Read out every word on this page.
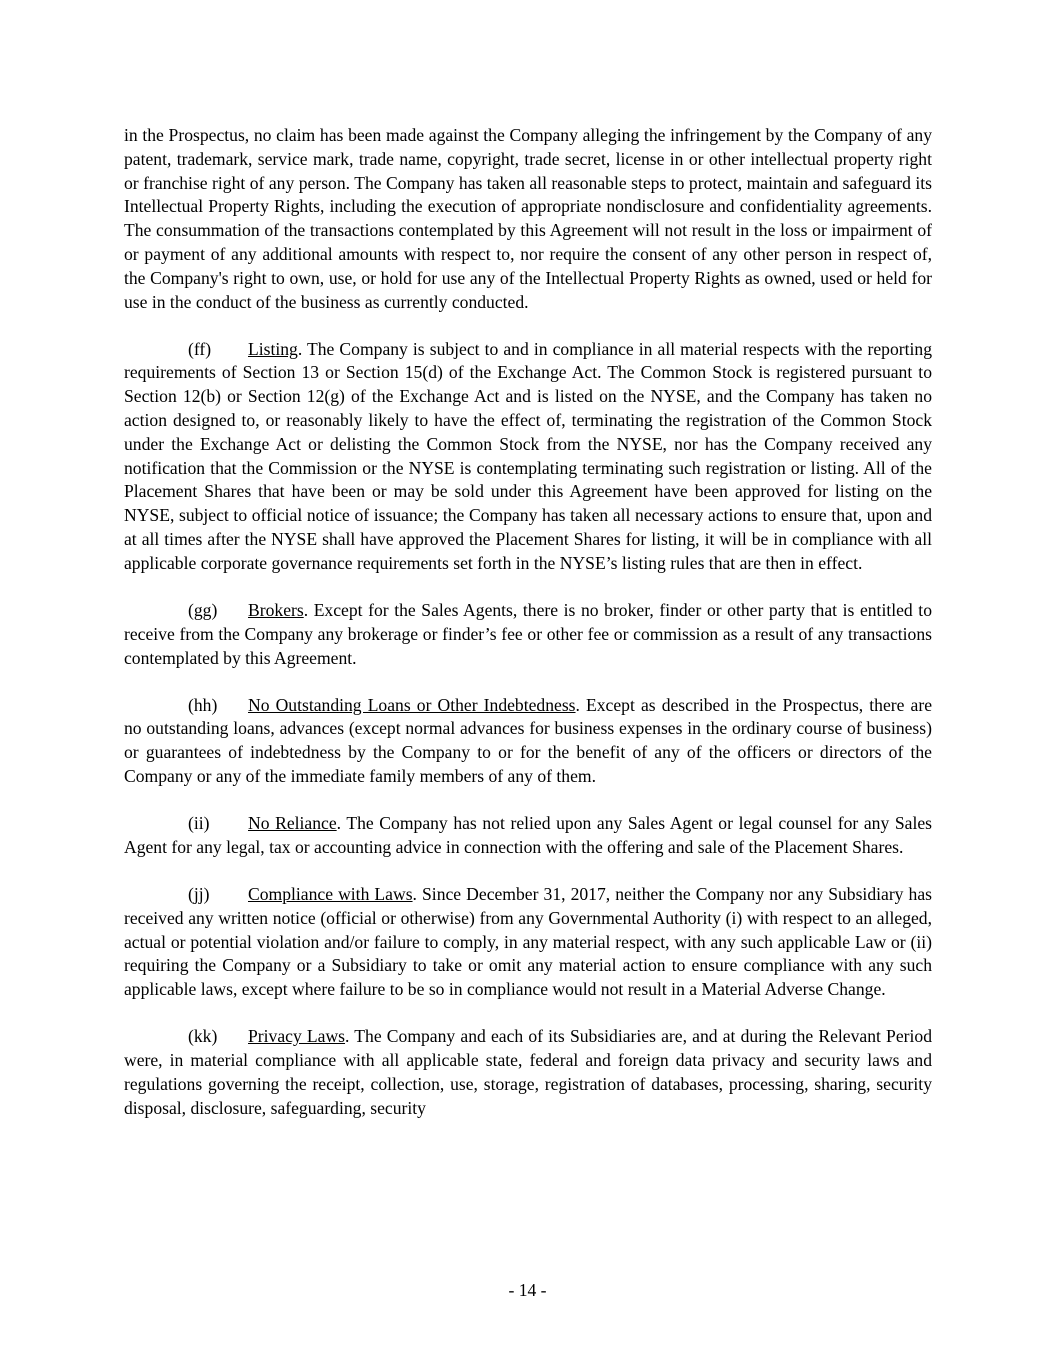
in the Prospectus, no claim has been made against the Company alleging the infringement by the Company of any patent, trademark, service mark, trade name, copyright, trade secret, license in or other intellectual property right or franchise right of any person. The Company has taken all reasonable steps to protect, maintain and safeguard its Intellectual Property Rights, including the execution of appropriate nondisclosure and confidentiality agreements. The consummation of the transactions contemplated by this Agreement will not result in the loss or impairment of or payment of any additional amounts with respect to, nor require the consent of any other person in respect of, the Company's right to own, use, or hold for use any of the Intellectual Property Rights as owned, used or held for use in the conduct of the business as currently conducted.

(ff) Listing. The Company is subject to and in compliance in all material respects with the reporting requirements of Section 13 or Section 15(d) of the Exchange Act. The Common Stock is registered pursuant to Section 12(b) or Section 12(g) of the Exchange Act and is listed on the NYSE, and the Company has taken no action designed to, or reasonably likely to have the effect of, terminating the registration of the Common Stock under the Exchange Act or delisting the Common Stock from the NYSE, nor has the Company received any notification that the Commission or the NYSE is contemplating terminating such registration or listing. All of the Placement Shares that have been or may be sold under this Agreement have been approved for listing on the NYSE, subject to official notice of issuance; the Company has taken all necessary actions to ensure that, upon and at all times after the NYSE shall have approved the Placement Shares for listing, it will be in compliance with all applicable corporate governance requirements set forth in the NYSE’s listing rules that are then in effect.

(gg) Brokers. Except for the Sales Agents, there is no broker, finder or other party that is entitled to receive from the Company any brokerage or finder’s fee or other fee or commission as a result of any transactions contemplated by this Agreement.

(hh) No Outstanding Loans or Other Indebtedness. Except as described in the Prospectus, there are no outstanding loans, advances (except normal advances for business expenses in the ordinary course of business) or guarantees of indebtedness by the Company to or for the benefit of any of the officers or directors of the Company or any of the immediate family members of any of them.

(ii) No Reliance. The Company has not relied upon any Sales Agent or legal counsel for any Sales Agent for any legal, tax or accounting advice in connection with the offering and sale of the Placement Shares.

(jj) Compliance with Laws. Since December 31, 2017, neither the Company nor any Subsidiary has received any written notice (official or otherwise) from any Governmental Authority (i) with respect to an alleged, actual or potential violation and/or failure to comply, in any material respect, with any such applicable Law or (ii) requiring the Company or a Subsidiary to take or omit any material action to ensure compliance with any such applicable laws, except where failure to be so in compliance would not result in a Material Adverse Change.

(kk) Privacy Laws. The Company and each of its Subsidiaries are, and at during the Relevant Period were, in material compliance with all applicable state, federal and foreign data privacy and security laws and regulations governing the receipt, collection, use, storage, registration of databases, processing, sharing, security disposal, disclosure, safeguarding, security

- 14 -
